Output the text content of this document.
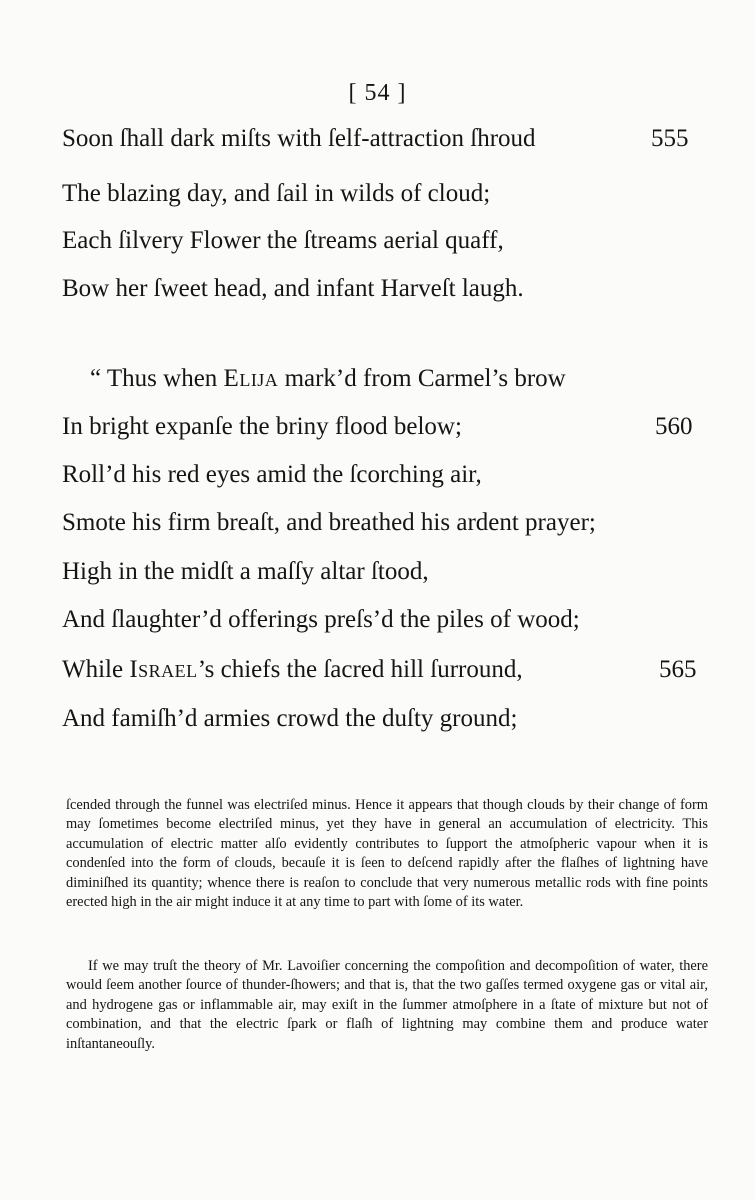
[ 54 ]
Soon ſhall dark miſts with ſelf-attraction ſhroud	555
The blazing day, and ſail in wilds of cloud;
Each ſilvery Flower the ſtreams aerial quaff,
Bow her ſweet head, and infant Harveſt laugh.
“ Thus when Elija mark’d from Carmel’s brow
In bright expanſe the briny flood below;	560
Roll’d his red eyes amid the ſcorching air,
Smote his firm breaſt, and breathed his ardent prayer;
High in the midſt a maſſy altar ſtood,
And ſlaughter’d offerings preſs’d the piles of wood;
While Israel’s chiefs the ſacred hill ſurround,	565
And famiſh’d armies crowd the duſty ground;
ſcended through the funnel was electriſed minus. Hence it appears that though clouds by their change of form may ſometimes become electriſed minus, yet they have in general an accumulation of electricity. This accumulation of electric matter alſo evidently contributes to ſupport the atmoſpheric vapour when it is condenſed into the form of clouds, becauſe it is ſeen to deſcend rapidly after the flaſhes of lightning have diminiſhed its quantity; whence there is reaſon to conclude that very numerous metallic rods with fine points erected high in the air might induce it at any time to part with ſome of its water.
If we may truſt the theory of Mr. Lavoiſier concerning the compoſition and decompoſition of water, there would ſeem another ſource of thunder-ſhowers; and that is, that the two gaſſes termed oxygene gas or vital air, and hydrogene gas or inflammable air, may exiſt in the ſummer atmoſphere in a ſtate of mixture but not of combination, and that the electric ſpark or flaſh of lightning may combine them and produce water inſtantaneouſly.
